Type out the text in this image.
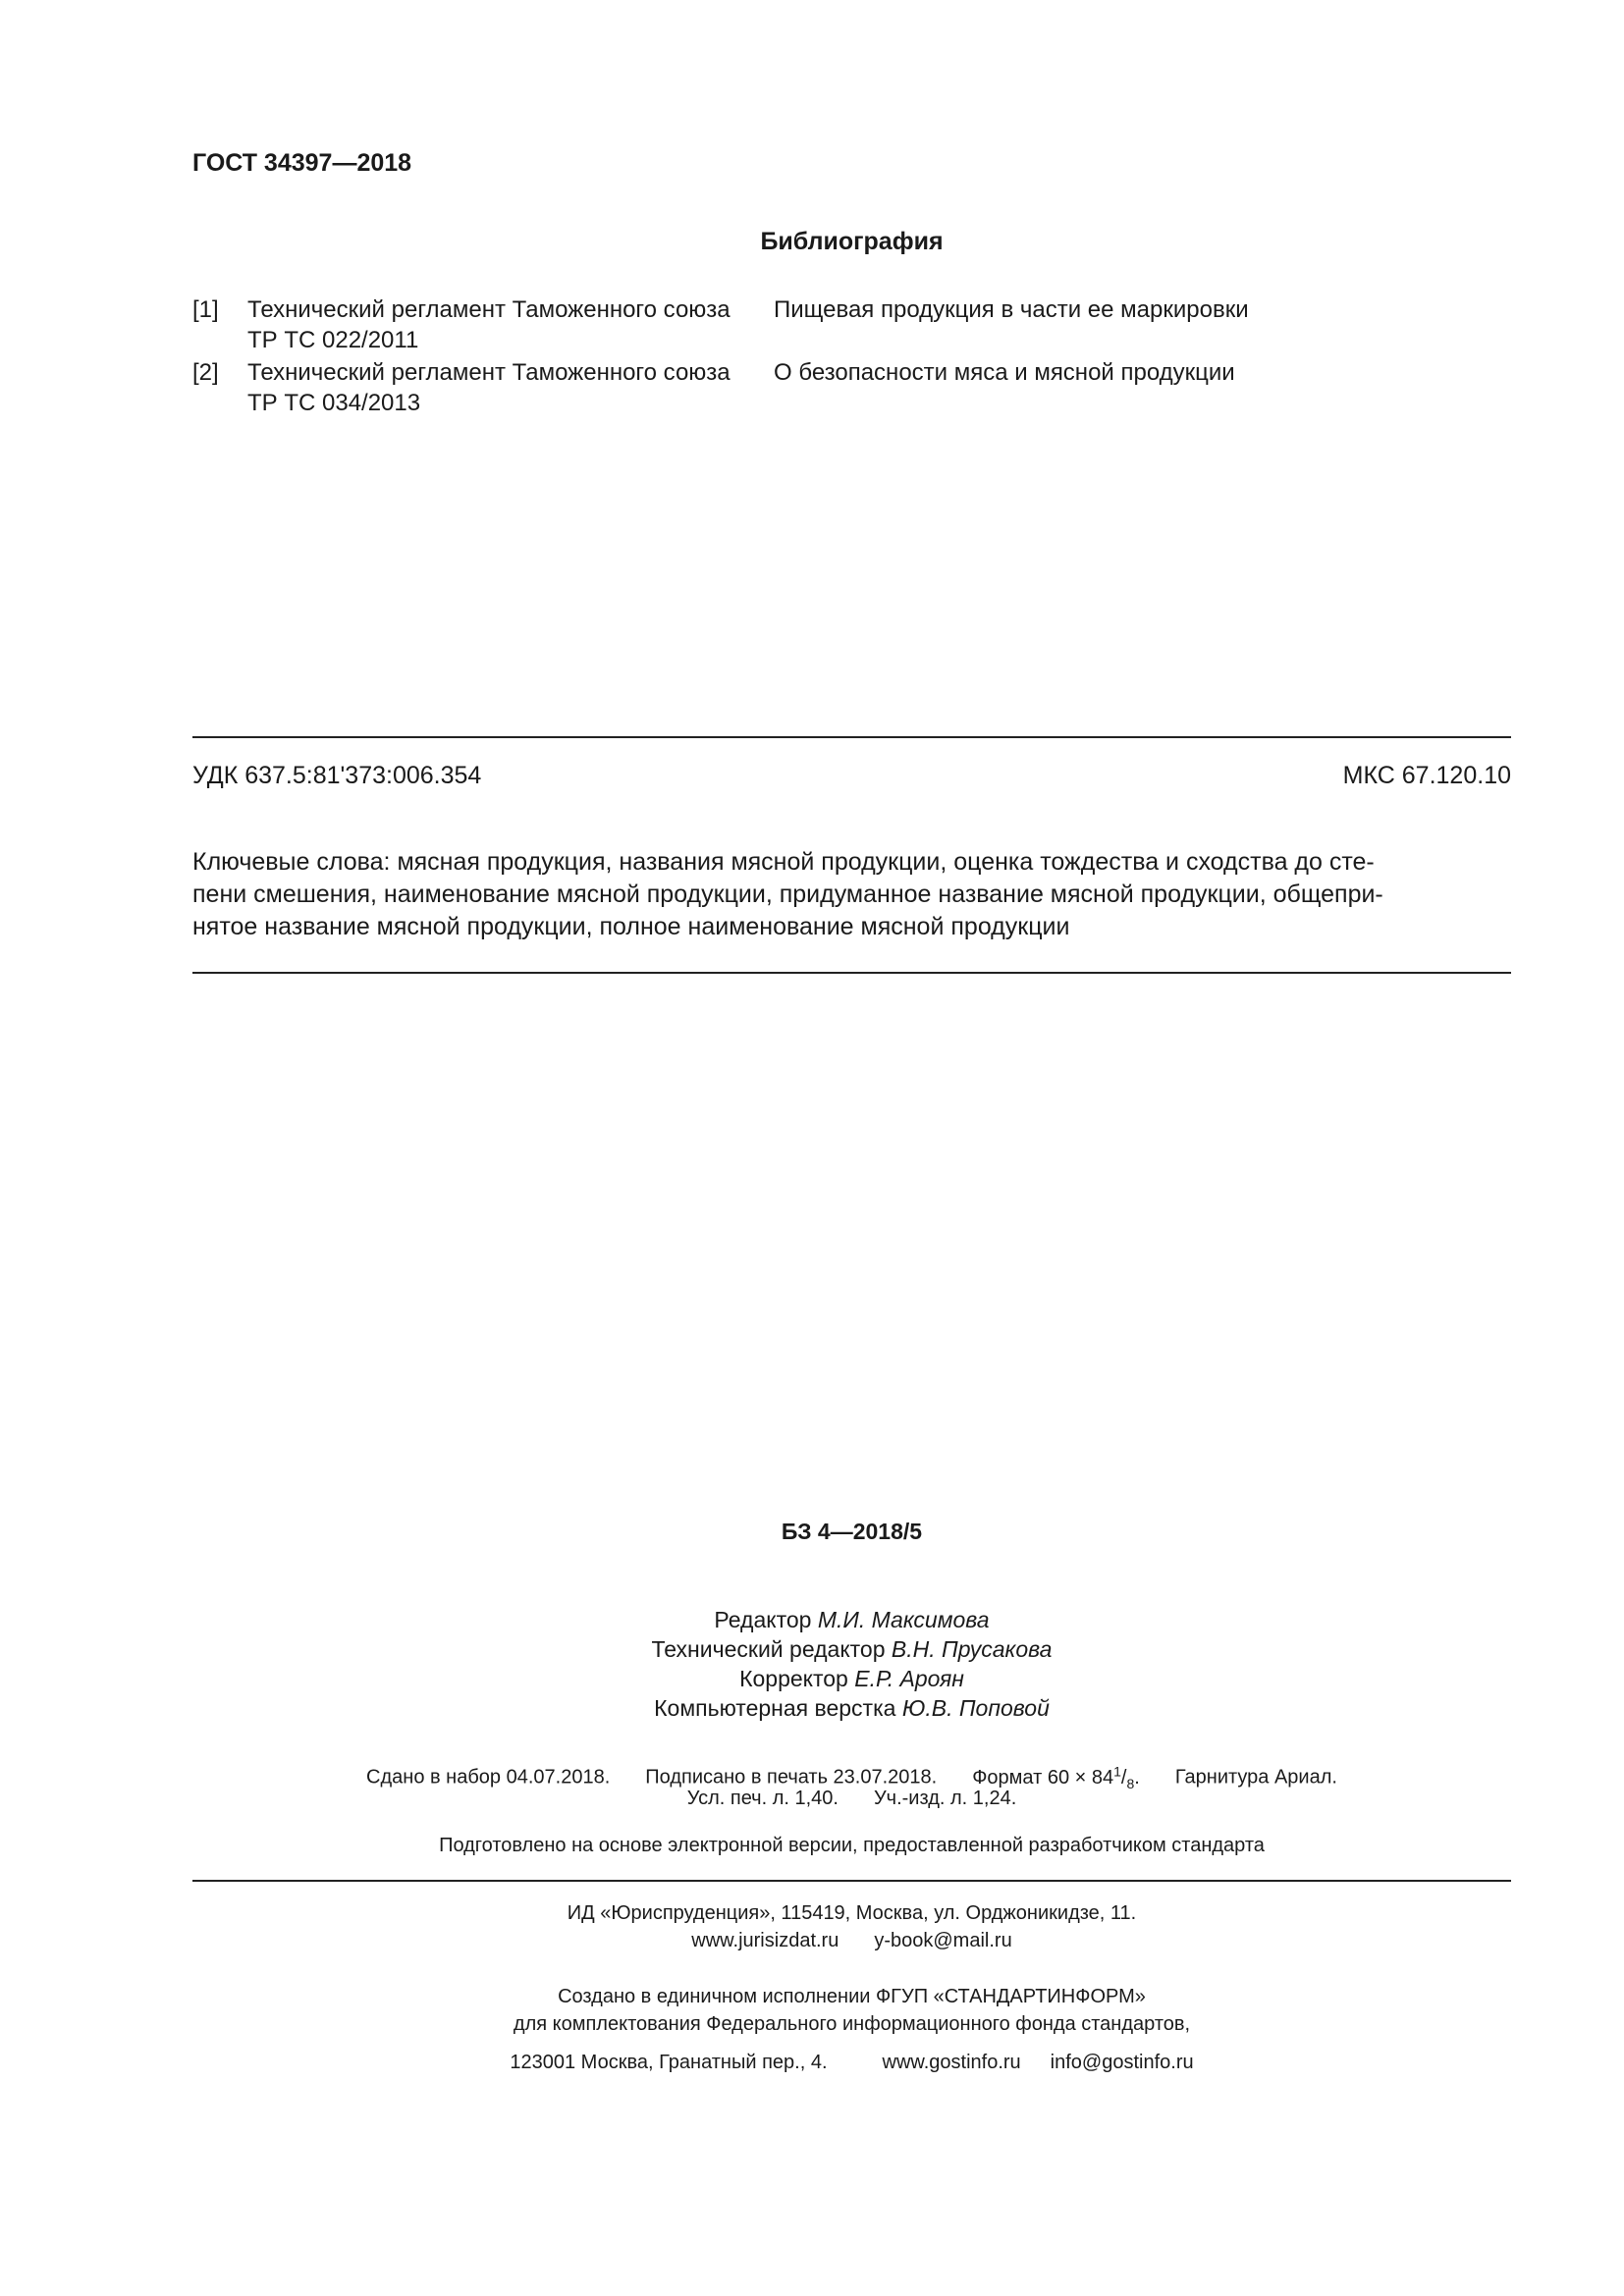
ГОСТ 34397—2018
Библиография
[1] Технический регламент Таможенного союза
ТР ТС 022/2011
Пищевая продукция в части ее маркировки
[2] Технический регламент Таможенного союза
ТР ТС 034/2013
О безопасности мяса и мясной продукции
УДК 637.5:81ʹ373:006.354	МКС 67.120.10
Ключевые слова: мясная продукция, названия мясной продукции, оценка тождества и сходства до сте-
пени смешения, наименование мясной продукции, придуманное название мясной продукции, общепри-
нятое название мясной продукции, полное наименование мясной продукции
БЗ 4—2018/5
Редактор М.И. Максимова
Технический редактор В.Н. Прусакова
Корректор Е.Р. Ароян
Компьютерная верстка Ю.В. Поповой
Сдано в набор 04.07.2018. Подписано в печать 23.07.2018. Формат $60 \times 84^1/_8$. Гарнитура Ариал.
Усл. печ. л. 1,40. Уч.-изд. л. 1,24.
Подготовлено на основе электронной версии, предоставленной разработчиком стандарта
ИД «Юриспруденция», 115419, Москва, ул. Орджоникидзе, 11.
www.jurisizdat.ru y-book@mail.ru
Создано в единичном исполнении ФГУП «СТАНДАРТИНФОРМ»
для комплектования Федерального информационного фонда стандартов,
123001 Москва, Гранатный пер., 4.	www.gostinfo.ru info@gostinfo.ru
